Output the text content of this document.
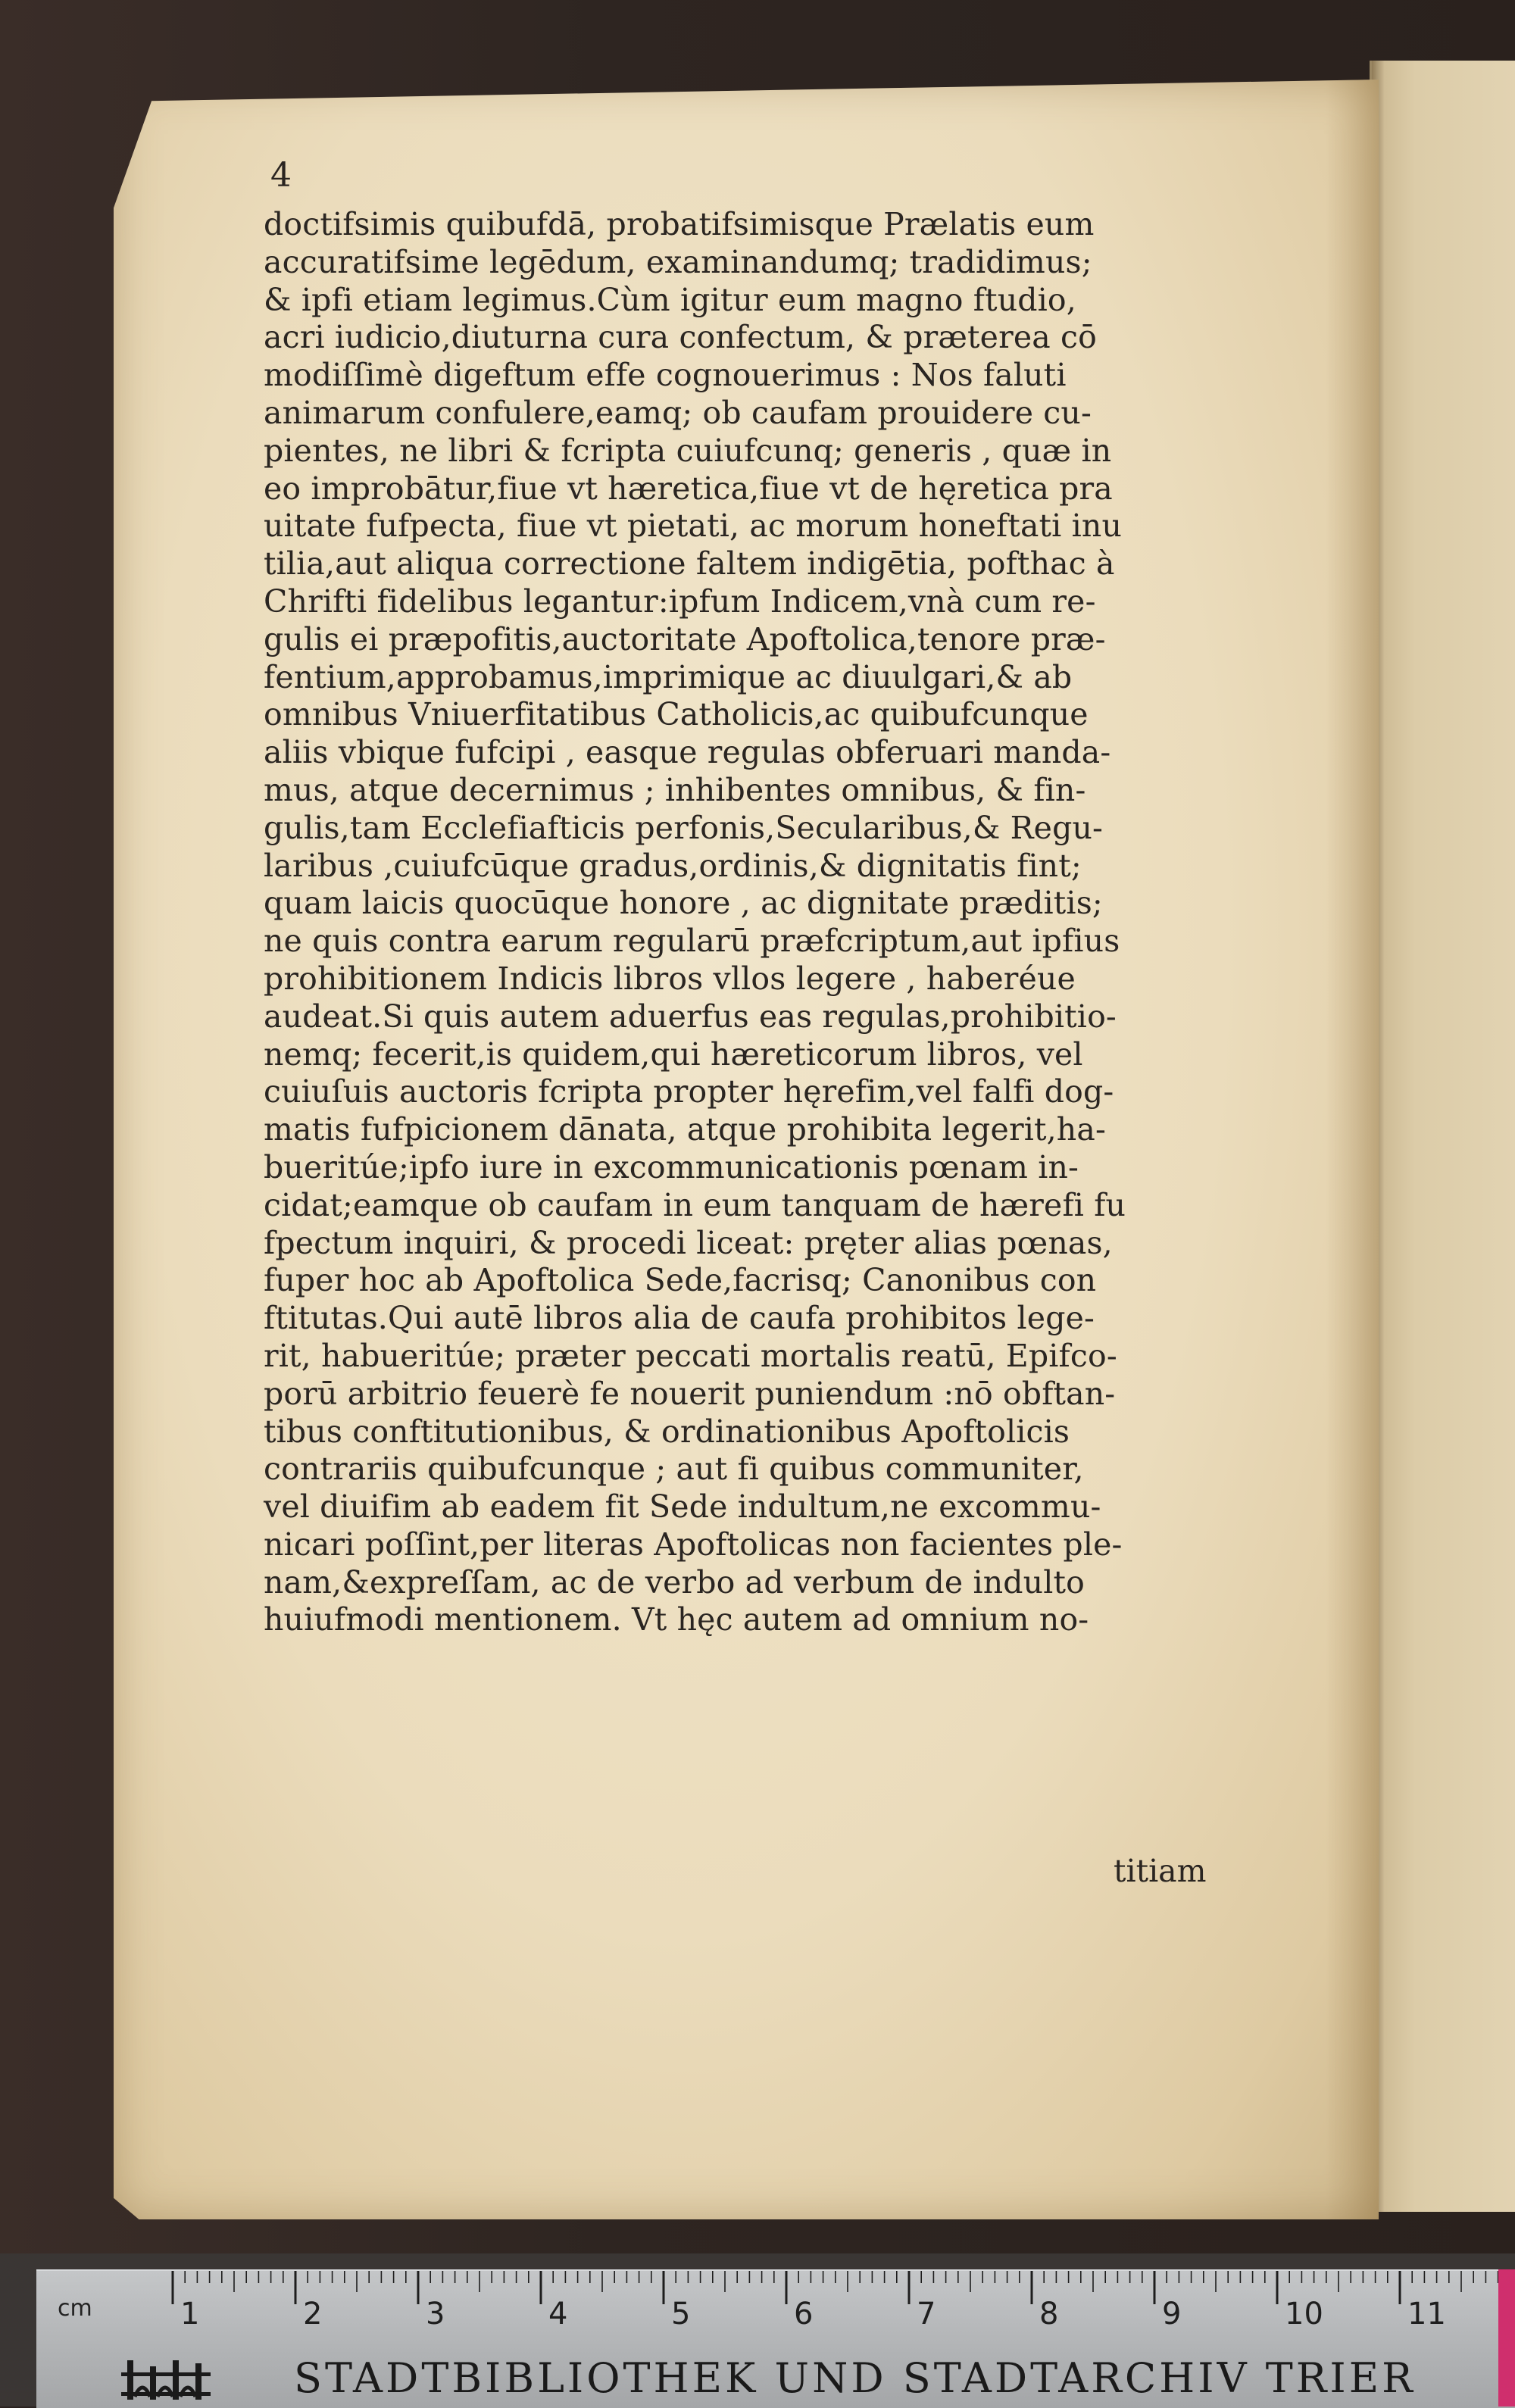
4
doctifsimis quibufdā, probatifsimisque Prælatis eum
accuratifsime legēdum, examinandumq; tradidimus;
& ipfi etiam legimus.Cùm igitur eum magno ftudio,
acri iudicio,diuturna cura confectum, & præterea cō
modiſſimè digeftum effe cognouerimus : Nos faluti
animarum confulere,eamq; ob caufam prouidere cu-
pientes, ne libri & fcripta cuiufcunq; generis , quæ in
eo improbātur,fiue vt hæretica,fiue vt de hęretica pra
uitate fufpecta, fiue vt pietati, ac morum honeftati inu
tilia,aut aliqua correctione faltem indigētia, pofthac à
Chrifti fidelibus legantur:ipfum Indicem,vnà cum re-
gulis ei præpofitis,auctoritate Apoftolica,tenore præ-
fentium,approbamus,imprimique ac diuulgari,& ab
omnibus Vniuerfitatibus Catholicis,ac quibufcunque
aliis vbique fufcipi , easque regulas obferuari manda-
mus, atque decernimus ; inhibentes omnibus, & fin-
gulis,tam Ecclefiafticis perfonis,Secularibus,& Regu-
laribus ,cuiufcūque gradus,ordinis,& dignitatis fint;
quam laicis quocūque honore , ac dignitate præditis;
ne quis contra earum regularū præfcriptum,aut ipfius
prohibitionem Indicis libros vllos legere , haberéue
audeat.Si quis autem aduerfus eas regulas,prohibitio-
nemq; fecerit,is quidem,qui hæreticorum libros, vel
cuiuſuis auctoris fcripta propter hęrefim,vel falfi dog-
matis fufpicionem dānata, atque prohibita legerit,ha-
bueritúe;ipfo iure in excommunicationis pœnam in-
cidat;eamque ob caufam in eum tanquam de hærefi fu
fpectum inquiri, & procedi liceat: pręter alias pœnas,
fuper hoc ab Apoftolica Sede,facrisq; Canonibus con
ftitutas.Qui autē libros alia de caufa prohibitos lege-
rit, habueritúe; præter peccati mortalis reatū, Epifco-
porū arbitrio feuerè fe nouerit puniendum :nō obftan-
tibus conftitutionibus, & ordinationibus Apoftolicis
contrariis quibufcunque ; aut fi quibus communiter,
vel diuifim ab eadem fit Sede indultum,ne excommu-
nicari poſſint,per literas Apoftolicas non facientes ple-
nam,&expreſſam, ac de verbo ad verbum de indulto
huiufmodi mentionem. Vt hęc autem ad omnium no-
titiam
cm	1	2	3	4	5	6	7	8	9	10	11
STADTBIBLIOTHEK UND STADTARCHIV TRIER
